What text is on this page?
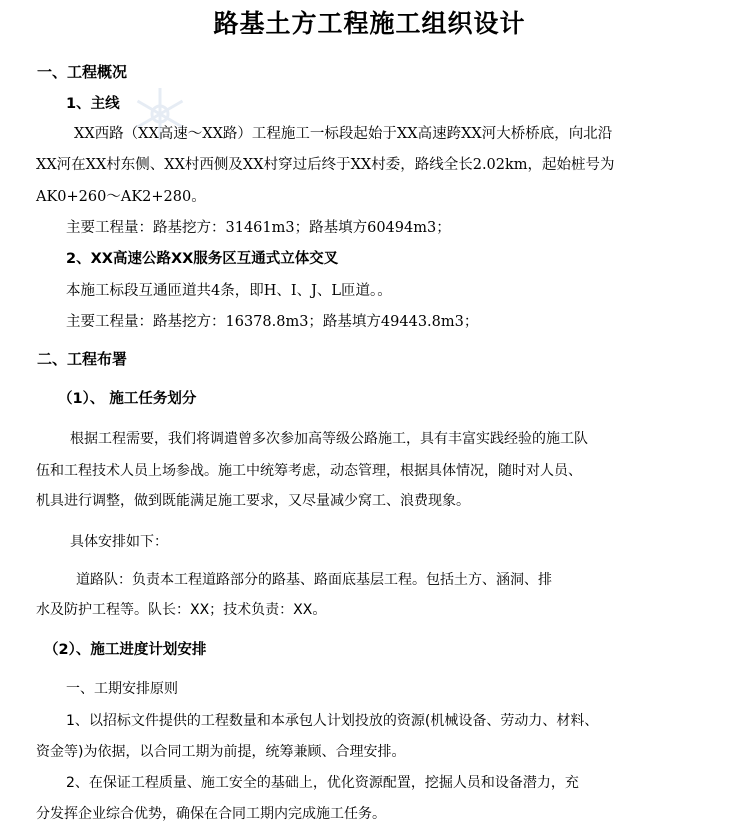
路基土方工程施工组织设计
一、工程概况
1、主线
XX西路（XX高速～XX路）工程施工一标段起始于XX高速跨XX河大桥桥底，向北沿
XX河在XX村东侧、XX村西侧及XX村穿过后终于XX村委，路线全长2.02km，起始桩号为
AK0+260～AK2+280。
主要工程量：路基挖方：31461m3；路基填方60494m3；
2、XX高速公路XX服务区互通式立体交叉
本施工标段互通匝道共4条，即H、I、J、L匝道。。
主要工程量：路基挖方：16378.8m3；路基填方49443.8m3；
二、工程布署
（1）、 施工任务划分
根据工程需要，我们将调遣曾多次参加高等级公路施工，具有丰富实践经验的施工队
伍和工程技术人员上场参战。施工中统筹考虑，动态管理，根据具体情况，随时对人员、
机具进行调整，做到既能满足施工要求，又尽量减少窝工、浪费现象。
具体安排如下：
道路队：负责本工程道路部分的路基、路面底基层工程。包括土方、涵洞、排
水及防护工程等。队长：XX；技术负责：XX。
（2）、施工进度计划安排
一、工期安排原则
1、以招标文件提供的工程数量和本承包人计划投放的资源(机械设备、劳动力、材料、
资金等)为依据，以合同工期为前提，统筹兼顾、合理安排。
2、在保证工程质量、施工安全的基础上，优化资源配置，挖掘人员和设备潜力，充
分发挥企业综合优势，确保在合同工期内完成施工任务。
